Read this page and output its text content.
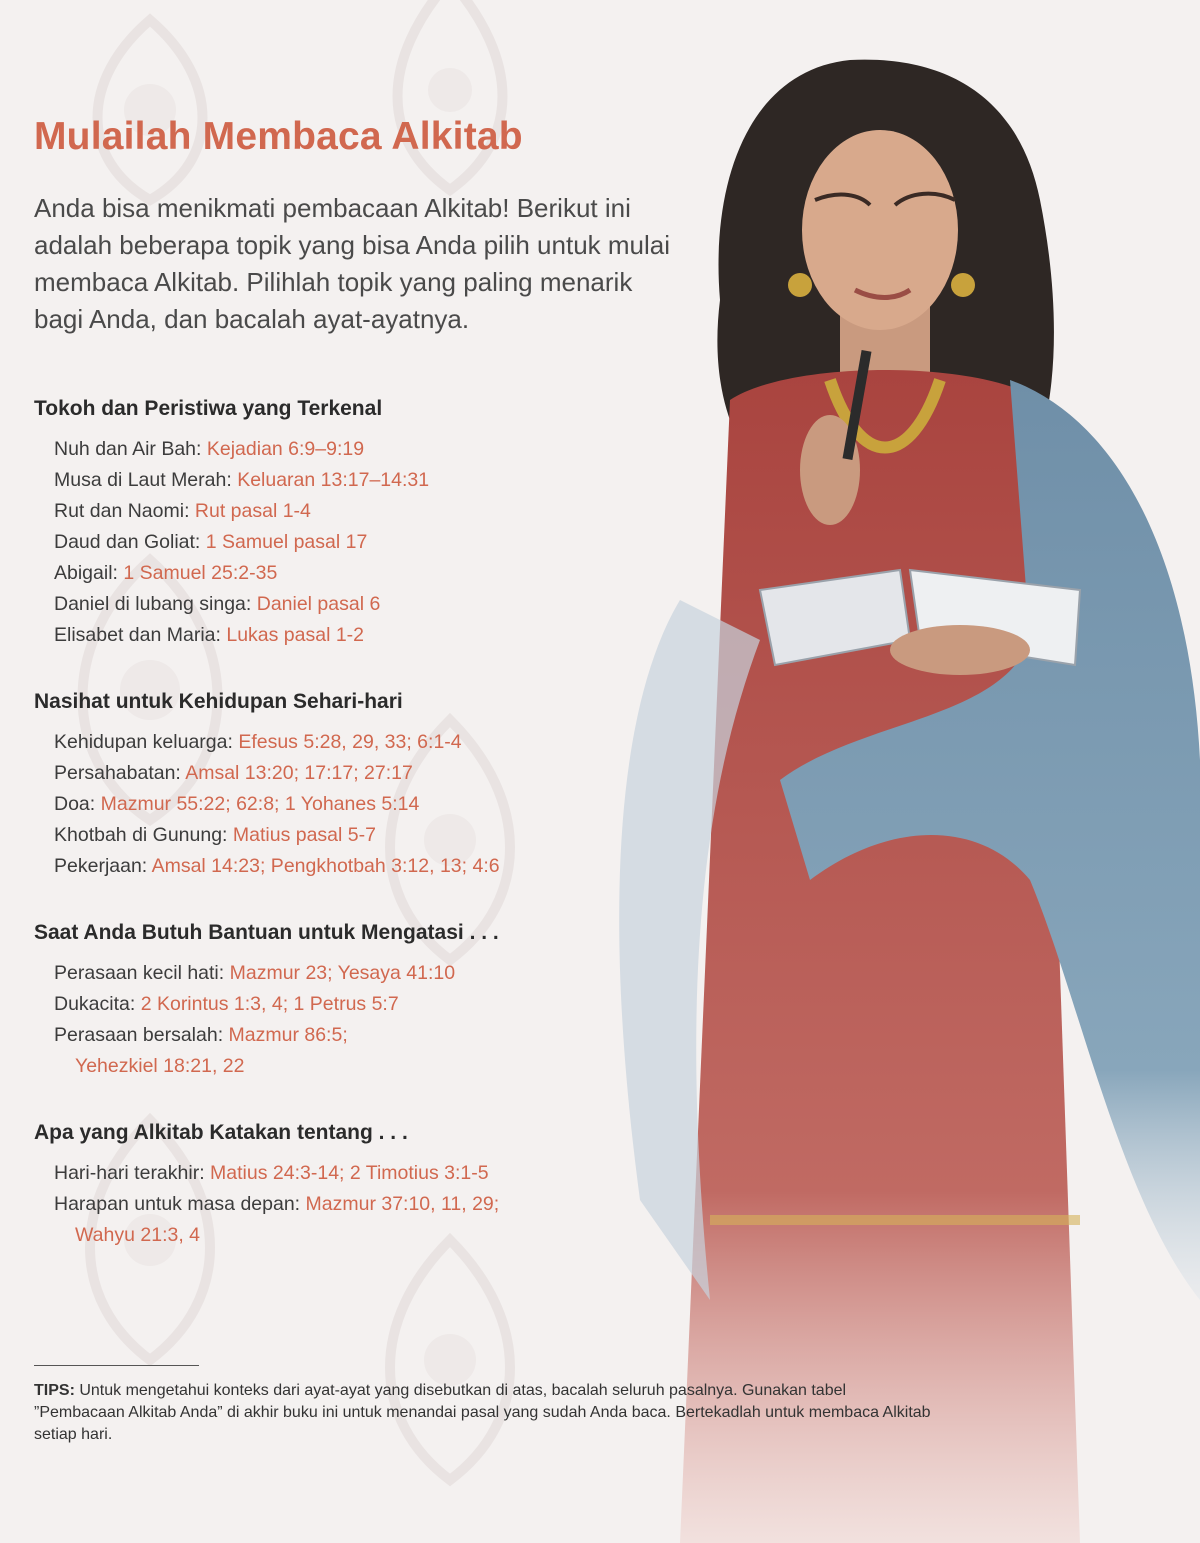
Mulailah Membaca Alkitab

Anda bisa menikmati pembacaan Alkitab! Berikut ini adalah beberapa topik yang bisa Anda pilih untuk mulai membaca Alkitab. Pilihlah topik yang paling menarik bagi Anda, dan bacalah ayat-ayatnya.

Tokoh dan Peristiwa yang Terkenal
Nuh dan Air Bah: Kejadian 6:9–9:19
Musa di Laut Merah: Keluaran 13:17–14:31
Rut dan Naomi: Rut pasal 1-4
Daud dan Goliat: 1 Samuel pasal 17
Abigail: 1 Samuel 25:2-35
Daniel di lubang singa: Daniel pasal 6
Elisabet dan Maria: Lukas pasal 1-2
Nasihat untuk Kehidupan Sehari-hari
Kehidupan keluarga: Efesus 5:28, 29, 33; 6:1-4
Persahabatan: Amsal 13:20; 17:17; 27:17
Doa: Mazmur 55:22; 62:8; 1 Yohanes 5:14
Khotbah di Gunung: Matius pasal 5-7
Pekerjaan: Amsal 14:23; Pengkhotbah 3:12, 13; 4:6
Saat Anda Butuh Bantuan untuk Mengatasi . . .
Perasaan kecil hati: Mazmur 23; Yesaya 41:10
Dukacita: 2 Korintus 1:3, 4; 1 Petrus 5:7
Perasaan bersalah: Mazmur 86:5;
Yehezkiel 18:21, 22
Apa yang Alkitab Katakan tentang . . .
Hari-hari terakhir: Matius 24:3-14; 2 Timotius 3:1-5
Harapan untuk masa depan: Mazmur 37:10, 11, 29;
Wahyu 21:3, 4
TIPS: Untuk mengetahui konteks dari ayat-ayat yang disebutkan di atas, bacalah seluruh pasalnya. Gunakan tabel ”Pembacaan Alkitab Anda” di akhir buku ini untuk menandai pasal yang sudah Anda baca. Bertekadlah untuk membaca Alkitab setiap hari.
